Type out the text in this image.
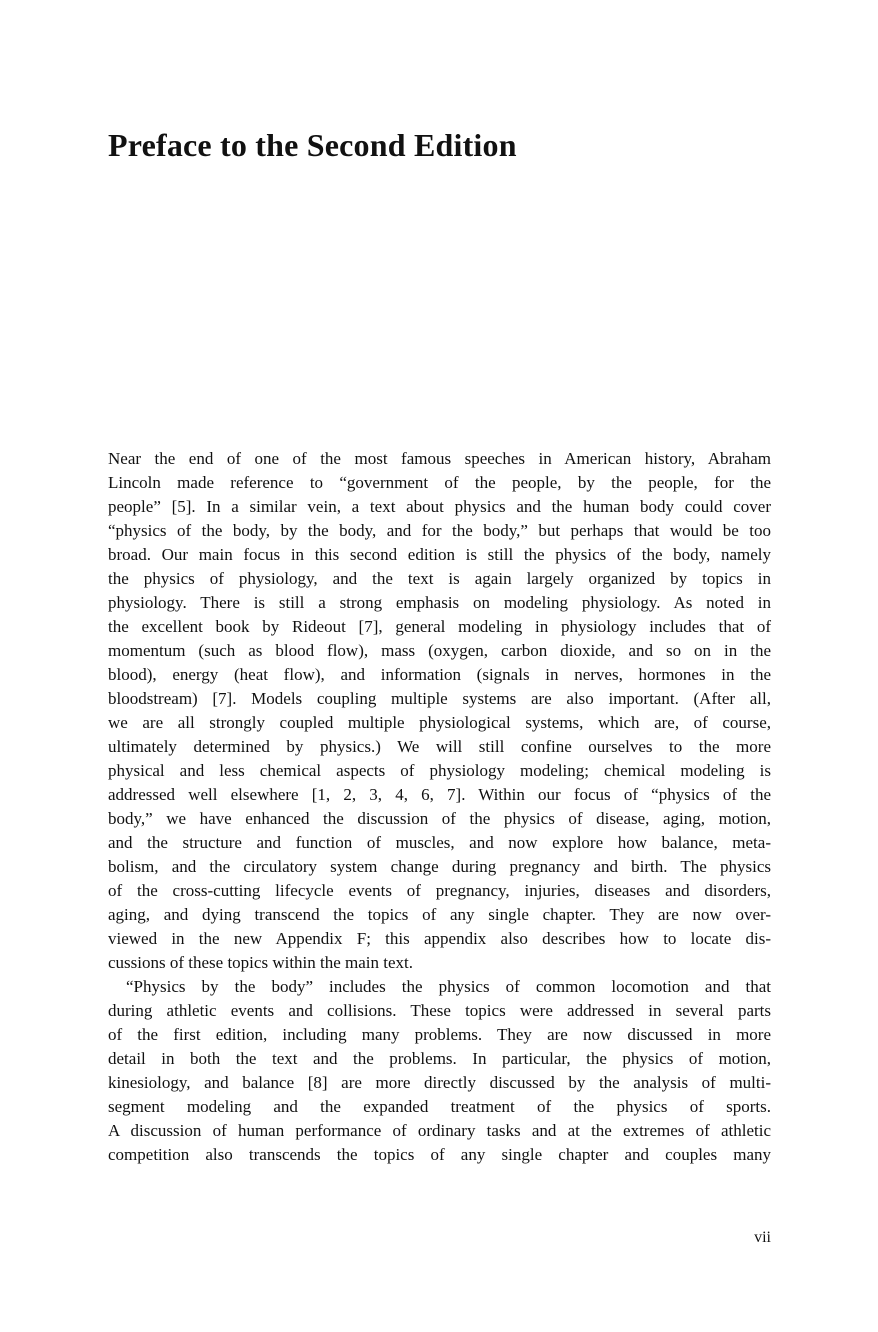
Preface to the Second Edition
Near the end of one of the most famous speeches in American history, Abraham
Lincoln made reference to “government of the people, by the people, for the
people” [5]. In a similar vein, a text about physics and the human body could cover
“physics of the body, by the body, and for the body,” but perhaps that would be too
broad. Our main focus in this second edition is still the physics of the body, namely
the physics of physiology, and the text is again largely organized by topics in
physiology. There is still a strong emphasis on modeling physiology. As noted in
the excellent book by Rideout [7], general modeling in physiology includes that of
momentum (such as blood flow), mass (oxygen, carbon dioxide, and so on in the
blood), energy (heat flow), and information (signals in nerves, hormones in the
bloodstream) [7]. Models coupling multiple systems are also important. (After all,
we are all strongly coupled multiple physiological systems, which are, of course,
ultimately determined by physics.) We will still confine ourselves to the more
physical and less chemical aspects of physiology modeling; chemical modeling is
addressed well elsewhere [1, 2, 3, 4, 6, 7]. Within our focus of “physics of the
body,” we have enhanced the discussion of the physics of disease, aging, motion,
and the structure and function of muscles, and now explore how balance, meta-
bolism, and the circulatory system change during pregnancy and birth. The physics
of the cross-cutting lifecycle events of pregnancy, injuries, diseases and disorders,
aging, and dying transcend the topics of any single chapter. They are now over-
viewed in the new Appendix F; this appendix also describes how to locate dis-
cussions of these topics within the main text.
“Physics by the body” includes the physics of common locomotion and that
during athletic events and collisions. These topics were addressed in several parts
of the first edition, including many problems. They are now discussed in more
detail in both the text and the problems. In particular, the physics of motion,
kinesiology, and balance [8] are more directly discussed by the analysis of multi-
segment modeling and the expanded treatment of the physics of sports.
A discussion of human performance of ordinary tasks and at the extremes of athletic
competition also transcends the topics of any single chapter and couples many
vii
